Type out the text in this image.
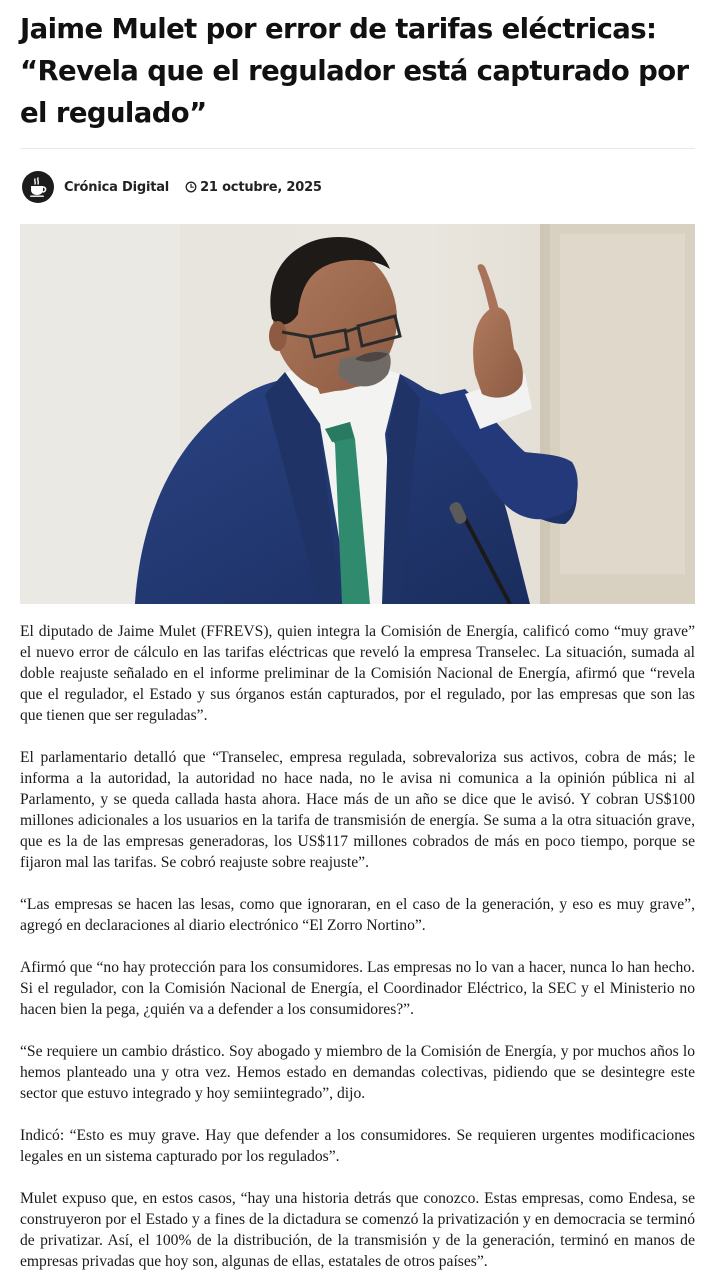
Jaime Mulet por error de tarifas eléctricas: “Revela que el regulador está capturado por el regulado”
Crónica Digital 21 octubre, 2025

El diputado de Jaime Mulet (FFREVS), quien integra la Comisión de Energía, calificó como “muy grave” el nuevo error de cálculo en las tarifas eléctricas que reveló la empresa Transelec. La situación, sumada al doble reajuste señalado en el informe preliminar de la Comisión Nacional de Energía, afirmó que “revela que el regulador, el Estado y sus órganos están capturados, por el regulado, por las empresas que son las que tienen que ser reguladas”.

El parlamentario detalló que “Transelec, empresa regulada, sobrevaloriza sus activos, cobra de más; le informa a la autoridad, la autoridad no hace nada, no le avisa ni comunica a la opinión pública ni al Parlamento, y se queda callada hasta ahora. Hace más de un año se dice que le avisó. Y cobran US$100 millones adicionales a los usuarios en la tarifa de transmisión de energía. Se suma a la otra situación grave, que es la de las empresas generadoras, los US$117 millones cobrados de más en poco tiempo, porque se fijaron mal las tarifas. Se cobró reajuste sobre reajuste”.

“Las empresas se hacen las lesas, como que ignoraran, en el caso de la generación, y eso es muy grave”, agregó en declaraciones al diario electrónico “El Zorro Nortino”.

Afirmó que “no hay protección para los consumidores. Las empresas no lo van a hacer, nunca lo han hecho. Si el regulador, con la Comisión Nacional de Energía, el Coordinador Eléctrico, la SEC y el Ministerio no hacen bien la pega, ¿quién va a defender a los consumidores?”.

“Se requiere un cambio drástico. Soy abogado y miembro de la Comisión de Energía, y por muchos años lo hemos planteado una y otra vez. Hemos estado en demandas colectivas, pidiendo que se desintegre este sector que estuvo integrado y hoy semiintegrado”, dijo.

Indicó: “Esto es muy grave. Hay que defender a los consumidores. Se requieren urgentes modificaciones legales en un sistema capturado por los regulados”.

Mulet expuso que, en estos casos, “hay una historia detrás que conozco. Estas empresas, como Endesa, se construyeron por el Estado y a fines de la dictadura se comenzó la privatización y en democracia se terminó de privatizar. Así, el 100% de la distribución, de la transmisión y de la generación, terminó en manos de empresas privadas que hoy son, algunas de ellas, estatales de otros países”.
